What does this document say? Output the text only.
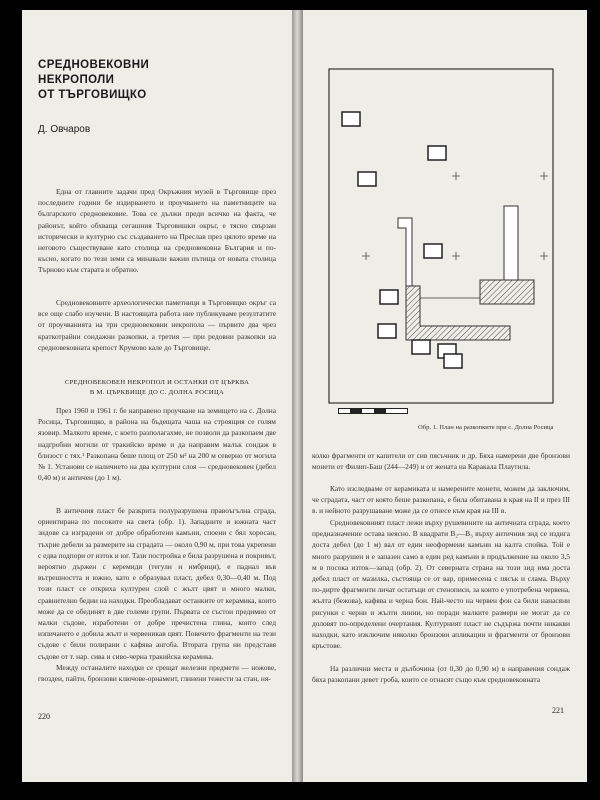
СРЕДНОВЕКОВНИ
НЕКРОПОЛИ
ОТ ТЪРГОВИЩКО
Д. Овчаров

Една от главните задачи пред Окръжния музей в Търговище през последните години бе издирването и проучването на паметниците на българското средновековие. Това се дължи преди всичко на факта, че районът, който обхваща сегашния Търговишки окръг, е тясно свързан исторически и културно със създаването на Преслав през цялото време на неговото съществуване като столица на средновековна България и по-късно, когато по тези земи са минавали важни пътища от новата столица Търново към старата и обратно.

Средновековните археологически паметници в Търговищко окръг са все още слабо изучени. В настоящата работа ние публикуваме резултатите от проучванията на три средновековни некропола — първите два чрез краткотрайни сондажни разкопки, а третия — при редовни разкопки на средновековната крепост Крумово кале до Търговище.

СРЕДНОВЕКОВЕН НЕКРОПОЛ И ОСТАНКИ ОТ ЦЪРКВА
В М. ЦЪРКВИЩЕ ДО С. ДОЛНА РОСИЦА

През 1960 и 1961 г. бе направено проучване на земището на с. Долна Росица, Търговищко, в района на бъдещата чаша на строящия се голям язовир. Малкото време, с което разполагахме, не позволи да разкопаем две надгробни могили от тракийско време и да направим малък сондаж в близост с тях.¹ Разкопана беше площ от 250 м² на 200 м северно от могила № 1. Установи се наличието на два културни слоя — средновековен (дебел 0,40 м) и античен (до 1 м).

В античния пласт бе разкрита полуразрушена правоъгълна сграда, ориентирана по посоките на света (обр. 1). Западните и южната част зидове са изградени от добре обработени камъни, споени с бял хоросан, тъхрие дебели за размерите на сградата — около 0,90 м, при това укрепени с едва подпори от изток и юг. Тази постройка е била разрушена и покривът, вероятно държен с керемиди (тегули и имбрици), е паднал във вътрешността и южно, като е образувал пласт, дебел 0,30—0,40 м. Под този пласт се откриха културен слой с жълт цвят и много малки, сравнително бедни на находки. Преобладават останките от керамика, които може да се обединят в две големи групи. Първата се състои предимно от малки съдове, изработени от добре пречистена глина, които след изпичането е добила жълт и червеникав цвят. Повечето фрагменти на тези съдове с били полирани с кафява ангоба. Втората група ни представя съдове от т. нар. сива и сиво-черна тракийска керамика.

Между останалите находки се срещат железни предмети — ножове, гвоздеи, пайти, бронзови ключове-орнамент, глинени тежести за стан, ня-

220
Обр. 1. План на разкопките при с. Долна Росица

колко фрагменти от капители от сив пясъчник и др. Бяха намерени две бронзови монети от Филип-Баш (244—249) и от жената на Каракала Плаутила.

Като изследваме от керамиката и намерените монети, можем да заключим, че сградата, част от която беше разкопана, е била обитавана в края на II и през III в. и нейното разрушаване може да се отнесе към края на III в.

Средновековният пласт лежи върху рушевините на античната сграда, което предназначение остава неясно. В квадрати В₂—В₃ върху античния зид се издига доста дебел (до 1 м) вал от един неоформени камъни на калта спойка. Той е много разрушен и е запазен само в един ред камъни в продължение на около 3,5 м в посока изток—запад (обр. 2). От северната страна на този зид има доста дебел пласт от мазилка, състояща се от вар, примесена с пясък и слама. Върху по-дирте фрагменти личат остатъци от стенописи, за които е употребена червена, жълта (бежова), кафява и черна бои. Най-често на червен фон са били нанасяни рисунки с черни и жълти линии, но поради малките размери не могат да се доловят по-определени очертания. Културният пласт не съдържа почти никакви находки, като изключим няколко бронзови апликации и фрагменти от бронзови кръстове.

На различни места и дълбочина (от 0,30 до 0,90 м) в направения сондаж бяха разкопани девет гроба, които се отнасят също към средновековната

221
